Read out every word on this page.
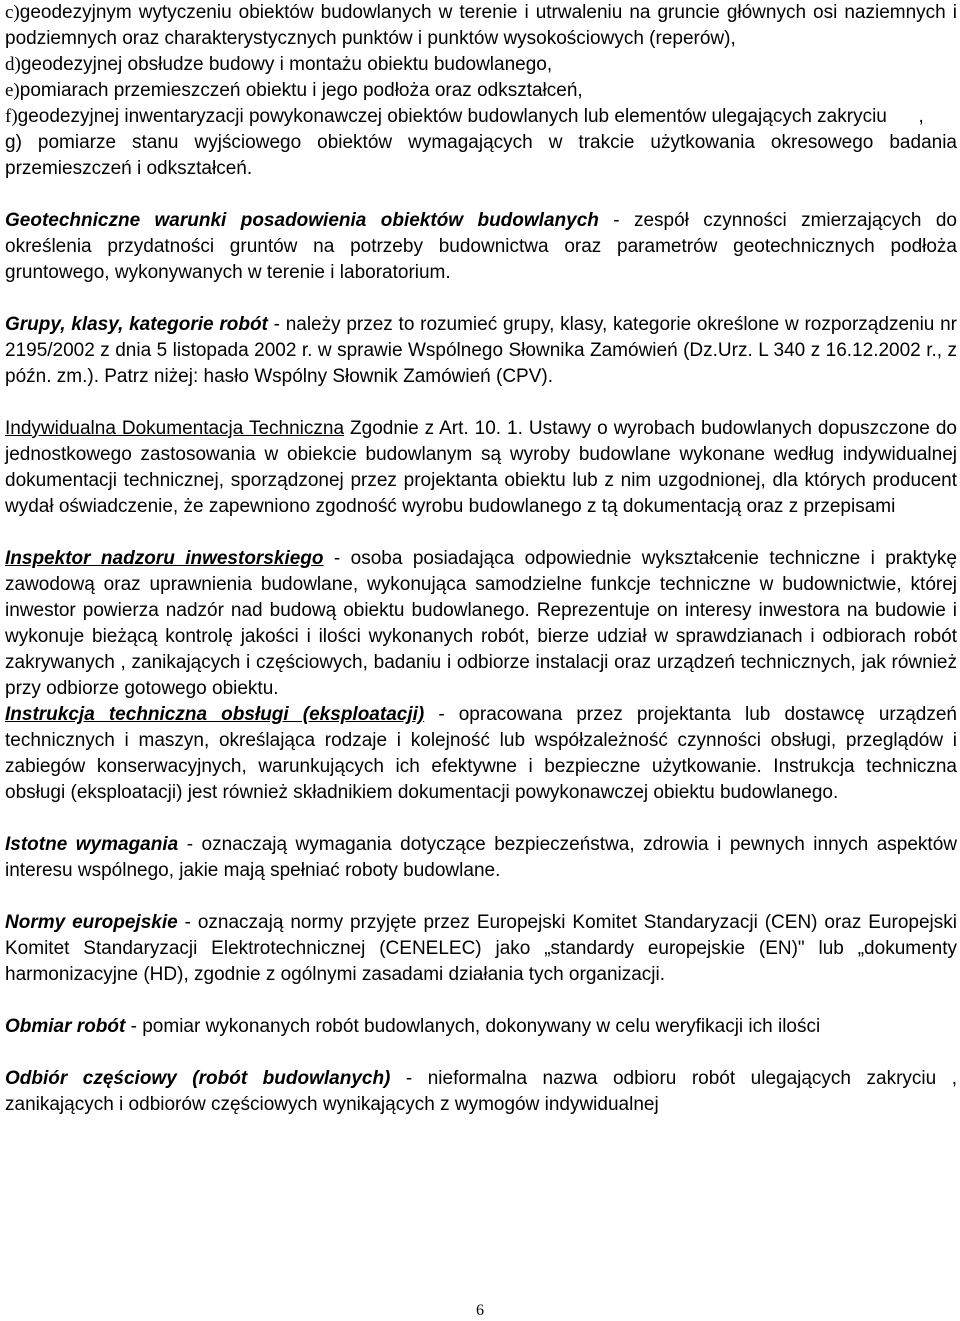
c)geodezyjnym wytyczeniu obiektów budowlanych w terenie i utrwaleniu na gruncie głównych osi naziemnych i podziemnych oraz charakterystycznych punktów i punktów wysokościowych (reperów),

d)geodezyjnej obsłudze budowy i montażu obiektu budowlanego,

e)pomiarach przemieszczeń obiektu i jego podłoża oraz odkształceń,

f)geodezyjnej inwentaryzacji powykonawczej obiektów budowlanych lub elementów ulegających zakryciu      ,

g) pomiarze stanu wyjściowego obiektów wymagających w trakcie użytkowania okresowego badania przemieszczeń i odkształceń.

Geotechniczne warunki posadowienia obiektów budowlanych - zespół czynności zmierzających do określenia przydatności gruntów na potrzeby budownictwa oraz parametrów geotechnicznych podłoża gruntowego, wykonywanych w terenie i laboratorium.

Grupy, klasy, kategorie robót - należy przez to rozumieć grupy, klasy, kategorie określone w rozporządzeniu nr 2195/2002 z dnia 5 listopada 2002 r. w sprawie Wspólnego Słownika Zamówień (Dz.Urz. L 340 z 16.12.2002 r., z późn. zm.). Patrz niżej: hasło Wspólny Słownik Zamówień (CPV).

Indywidualna Dokumentacja Techniczna Zgodnie z Art. 10. 1. Ustawy o wyrobach budowlanych dopuszczone do jednostkowego zastosowania w obiekcie budowlanym są wyroby budowlane wykonane według indywidualnej dokumentacji technicznej, sporządzonej przez projektanta obiektu lub z nim uzgodnionej, dla których producent wydał oświadczenie, że zapewniono zgodność wyrobu budowlanego z tą dokumentacją oraz z przepisami

Inspektor nadzoru inwestorskiego - osoba posiadająca odpowiednie wykształcenie techniczne i praktykę zawodową oraz uprawnienia budowlane, wykonująca samodzielne funkcje techniczne w budownictwie, której inwestor powierza nadzór nad budową obiektu budowlanego. Reprezentuje on interesy inwestora na budowie i wykonuje bieżącą kontrolę jakości i ilości wykonanych robót, bierze udział w sprawdzianach i odbiorach robót zakrywanych , zanikających i częściowych, badaniu i odbiorze instalacji oraz urządzeń technicznych, jak również przy odbiorze gotowego obiektu.

Instrukcja techniczna obsługi (eksploatacji) - opracowana przez projektanta lub dostawcę urządzeń technicznych i maszyn, określająca rodzaje i kolejność lub współzależność czynności obsługi, przeglądów i zabiegów konserwacyjnych, warunkujących ich efektywne i bezpieczne użytkowanie. Instrukcja techniczna obsługi (eksploatacji) jest również składnikiem dokumentacji powykonawczej obiektu budowlanego.

Istotne wymagania - oznaczają wymagania dotyczące bezpieczeństwa, zdrowia i pewnych innych aspektów interesu wspólnego, jakie mają spełniać roboty budowlane.

Normy europejskie - oznaczają normy przyjęte przez Europejski Komitet Standaryzacji (CEN) oraz Europejski Komitet Standaryzacji Elektrotechnicznej (CENELEC) jako „standardy europejskie (EN)" lub „dokumenty harmonizacyjne (HD), zgodnie z ogólnymi zasadami działania tych organizacji.

Obmiar robót - pomiar wykonanych robót budowlanych, dokonywany w celu weryfikacji ich ilości

Odbiór częściowy (robót budowlanych) - nieformalna nazwa odbioru robót ulegających zakryciu , zanikających i odbiorów częściowych wynikających z wymogów indywidualnej

6
